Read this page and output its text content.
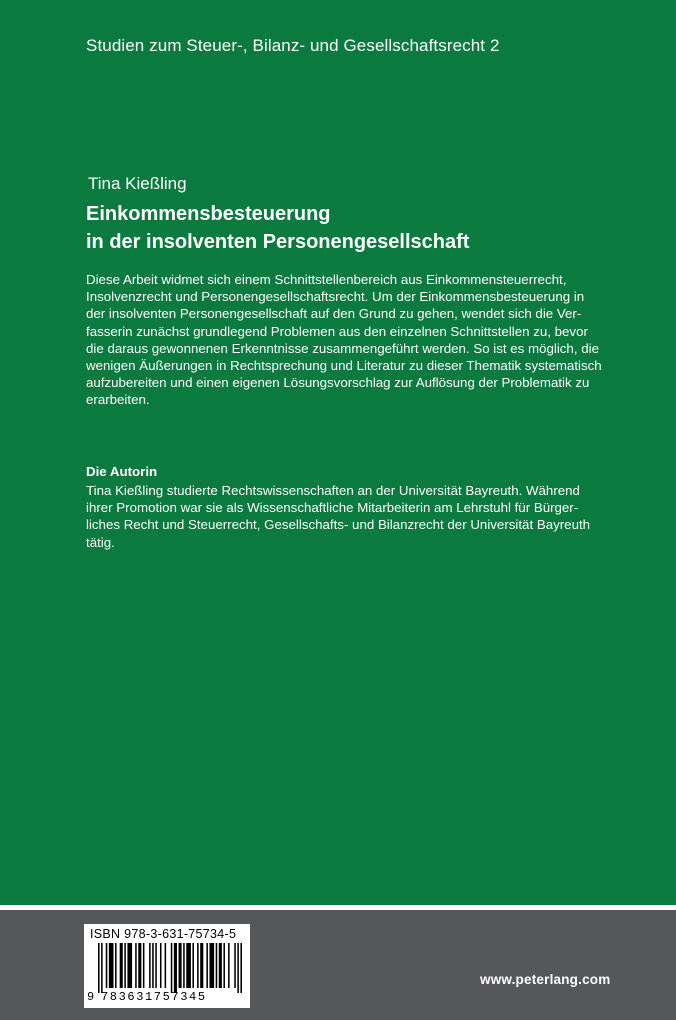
Studien zum Steuer-, Bilanz- und Gesellschaftsrecht 2
Tina Kießling
Einkommensbesteuerung
in der insolventen Personengesellschaft

Diese Arbeit widmet sich einem Schnittstellenbereich aus Einkommensteuerrecht,
Insolvenzrecht und Personengesellschaftsrecht. Um der Einkommensbesteuerung in
der insolventen Personengesellschaft auf den Grund zu gehen, wendet sich die Ver-
fasserin zunächst grundlegend Problemen aus den einzelnen Schnittstellen zu, bevor
die daraus gewonnenen Erkenntnisse zusammengeführt werden. So ist es möglich, die
wenigen Äußerungen in Rechtsprechung und Literatur zu dieser Thematik systematisch
aufzubereiten und einen eigenen Lösungsvorschlag zur Auflösung der Problematik zu
erarbeiten.

Die Autorin

Tina Kießling studierte Rechtswissenschaften an der Universität Bayreuth. Während
ihrer Promotion war sie als Wissenschaftliche Mitarbeiterin am Lehrstuhl für Bürger-
liches Recht und Steuerrecht, Gesellschafts- und Bilanzrecht der Universität Bayreuth
tätig.

ISBN 978-3-631-75734-5
9 783631757345
www.peterlang.com
